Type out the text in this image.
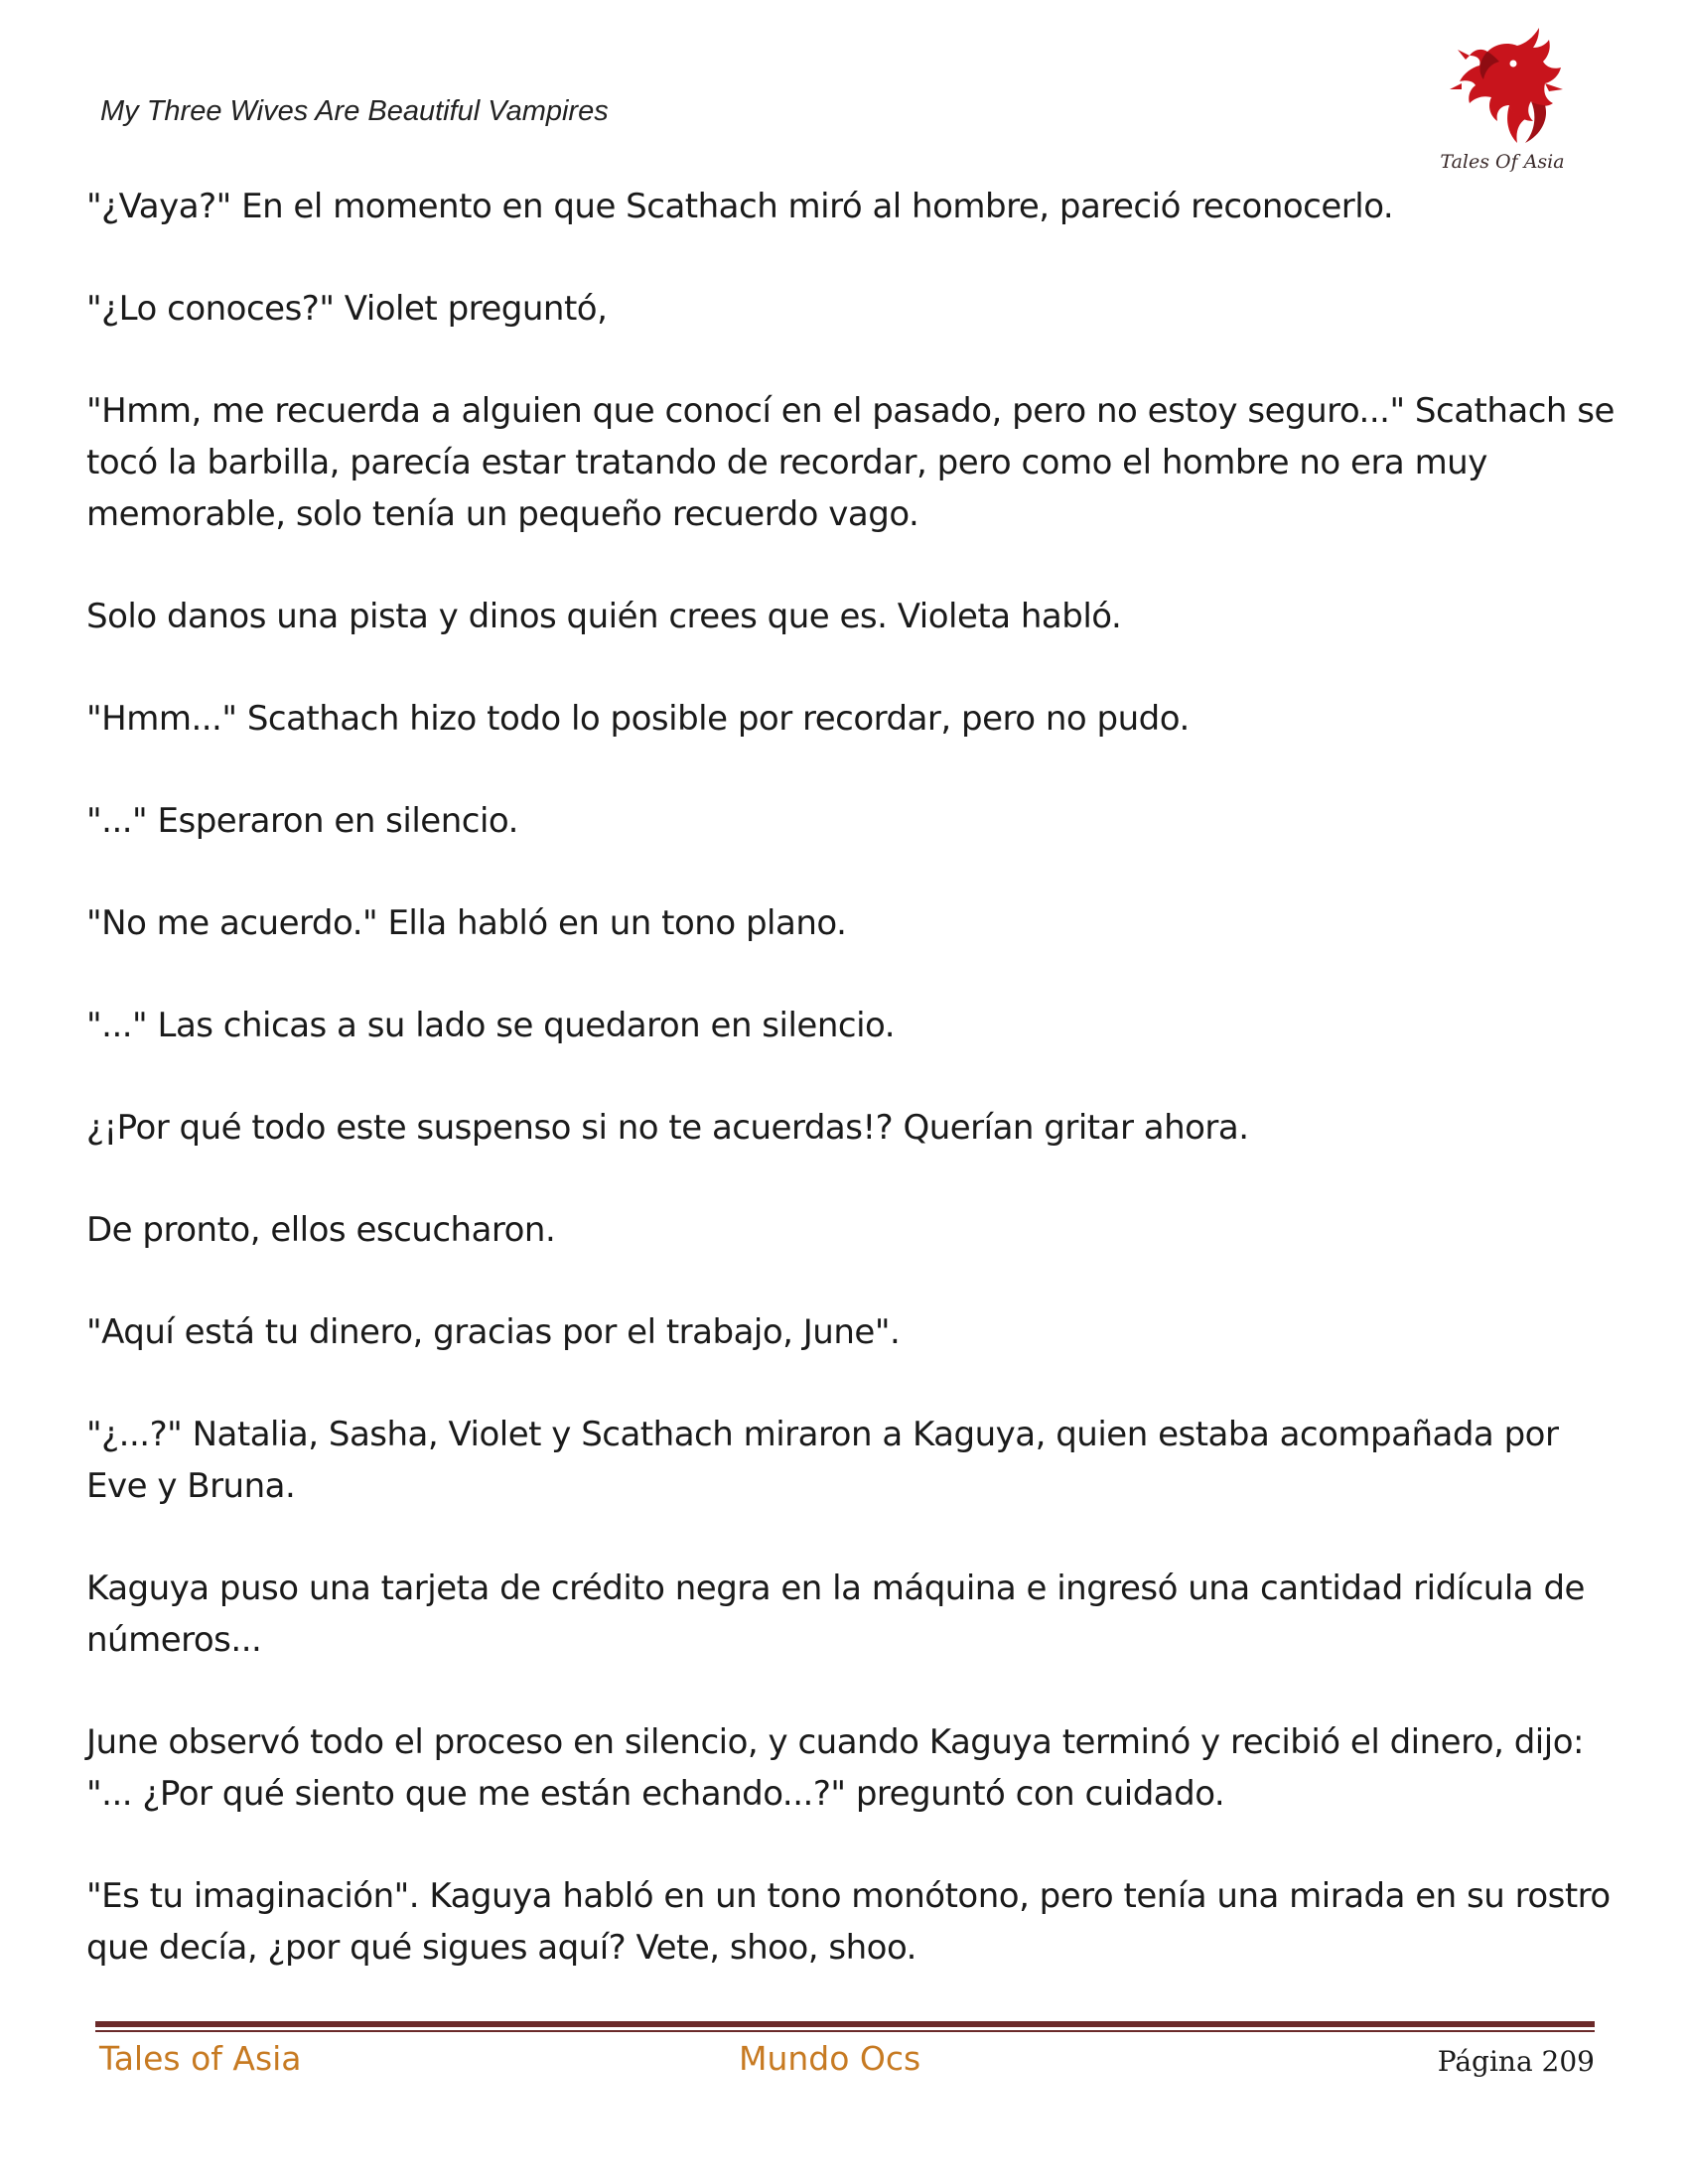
My Three Wives Are Beautiful Vampires
Tales Of Asia

"¿Vaya?" En el momento en que Scathach miró al hombre, pareció reconocerlo.

"¿Lo conoces?" Violet preguntó,

"Hmm, me recuerda a alguien que conocí en el pasado, pero no estoy seguro..." Scathach se tocó la barbilla, parecía estar tratando de recordar, pero como el hombre no era muy memorable, solo tenía un pequeño recuerdo vago.

Solo danos una pista y dinos quién crees que es. Violeta habló.

"Hmm..." Scathach hizo todo lo posible por recordar, pero no pudo.

"..." Esperaron en silencio.

"No me acuerdo." Ella habló en un tono plano.

"..." Las chicas a su lado se quedaron en silencio.

¿¡Por qué todo este suspenso si no te acuerdas!? Querían gritar ahora.

De pronto, ellos escucharon.

"Aquí está tu dinero, gracias por el trabajo, June".

"¿...?" Natalia, Sasha, Violet y Scathach miraron a Kaguya, quien estaba acompañada por Eve y Bruna.

Kaguya puso una tarjeta de crédito negra en la máquina e ingresó una cantidad ridícula de números...

June observó todo el proceso en silencio, y cuando Kaguya terminó y recibió el dinero, dijo: "... ¿Por qué siento que me están echando...?" preguntó con cuidado.

"Es tu imaginación". Kaguya habló en un tono monótono, pero tenía una mirada en su rostro que decía, ¿por qué sigues aquí? Vete, shoo, shoo.

Tales of Asia	Mundo Ocs	Página 209
